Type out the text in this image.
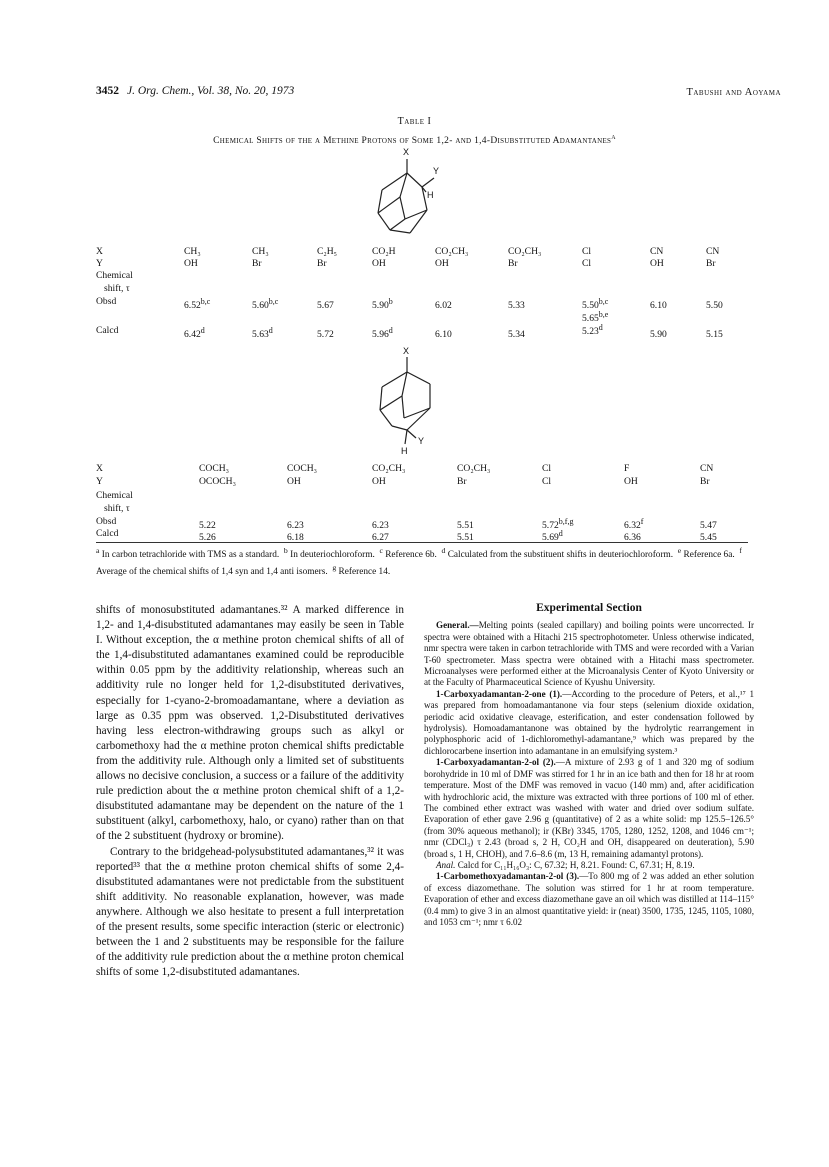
3452 J. Org. Chem., Vol. 38, No. 20, 1973	Tabushi and Aoyama
Table I
Chemical Shifts of the α Methine Protons of Some 1,2- and 1,4-Disubstituted Adamantanes$^a$
X
Y
H
X
Y
Chemical
shift, τ
Obsd
Calcd
CH₃
OH
6.52$^{b,c}$
6.42$^d$
CH₃
Br
5.60$^{b,c}$
5.63$^d$
C₂H₅
Br
5.67
5.72
CO₂H
OH
5.90$^b$
5.96$^d$
CO₂CH₃
OH
6.02
6.10
CO₂CH₃
Br
5.33
5.34
Cl
Cl
5.50$^{b,c}$
5.65$^{b,e}$
5.23$^d$
CN
OH
6.10
5.90
CN
Br
5.50
5.15
X
H
Y
X
Y
Chemical
shift, τ
Obsd
Calcd
COCH₃
OCOCH₃
5.22
5.26
COCH₃
OH
6.23
6.18
CO₂CH₃
OH
6.23
6.27
CO₂CH₃
Br
5.51
5.51
Cl
Cl
5.72$^{b,f,g}$
5.69$^d$
F
OH
6.32$^f$
6.36
CN
Br
5.47
5.45
$^a$ In carbon tetrachloride with TMS as a standard. $^b$ In deuteriochloroform. $^c$ Reference 6b. $^d$ Calculated from the substituent shifts in deuteriochloroform. $^e$ Reference 6a. $^f$ Average of the chemical shifts of 1,4 syn and 1,4 anti isomers. $^g$ Reference 14.

shifts of monosubstituted adamantanes.³² A marked difference in 1,2- and 1,4-disubstituted adamantanes may easily be seen in Table I. Without exception, the α methine proton chemical shifts of all of the 1,4-disubstituted adamantanes examined could be reproducible within 0.05 ppm by the additivity relationship, whereas such an additivity rule no longer held for 1,2-disubstituted derivatives, especially for 1-cyano-2-bromoadamantane, where a deviation as large as 0.35 ppm was observed. 1,2-Disubstituted derivatives having less electron-withdrawing groups such as alkyl or carbomethoxy had the α methine proton chemical shifts predictable from the additivity rule. Although only a limited set of substituents allows no decisive conclusion, a success or a failure of the additivity rule prediction about the α methine proton chemical shift of a 1,2-disubstituted adamantane may be dependent on the nature of the 1 substituent (alkyl, carbomethoxy, halo, or cyano) rather than on that of the 2 substituent (hydroxy or bromine).

Contrary to the bridgehead-polysubstituted adamantanes,³² it was reported³³ that the α methine proton chemical shifts of some 2,4-disubstituted adamantanes were not predictable from the substituent shift additivity. No reasonable explanation, however, was made anywhere. Although we also hesitate to present a full interpretation of the present results, some specific interaction (steric or electronic) between the 1 and 2 substituents may be responsible for the failure of the additivity rule prediction about the α methine proton chemical shifts of some 1,2-disubstituted adamantanes.

Experimental Section

General.—Melting points (sealed capillary) and boiling points were uncorrected. Ir spectra were obtained with a Hitachi 215 spectrophotometer. Unless otherwise indicated, nmr spectra were taken in carbon tetrachloride with TMS and were recorded with a Varian T-60 spectrometer. Mass spectra were obtained with a Hitachi mass spectrometer. Microanalyses were performed either at the Microanalysis Center of Kyoto University or at the Faculty of Pharmaceutical Science of Kyushu University.

1-Carboxyadamantan-2-one (1).—According to the procedure of Peters, et al.,¹⁷ 1 was prepared from homoadamantanone via four steps (selenium dioxide oxidation, periodic acid oxidative cleavage, esterification, and ester condensation followed by hydrolysis). Homoadamantanone was obtained by the hydrolytic rearrangement in polyphosphoric acid of 1-dichloromethyl-adamantane,⁹ which was prepared by the dichlorocarbene insertion into adamantane in an emulsifying system.³

1-Carboxyadamantan-2-ol (2).—A mixture of 2.93 g of 1 and 320 mg of sodium borohydride in 10 ml of DMF was stirred for 1 hr in an ice bath and then for 18 hr at room temperature. Most of the DMF was removed in vacuo (140 mm) and, after acidification with hydrochloric acid, the mixture was extracted with three portions of 100 ml of ether. The combined ether extract was washed with water and dried over sodium sulfate. Evaporation of ether gave 2.96 g (quantitative) of 2 as a white solid: mp 125.5–126.5° (from 30% aqueous methanol); ir (KBr) 3345, 1705, 1280, 1252, 1208, and 1046 cm⁻¹; nmr (CDCl₃) τ 2.43 (broad s, 2 H, CO₂H and OH, disappeared on deuteration), 5.90 (broad s, 1 H, CHOH), and 7.6–8.6 (m, 13 H, remaining adamantyl protons).

Anal. Calcd for C₁₁H₁₆O₃: C, 67.32; H, 8.21. Found: C, 67.31; H, 8.19.

1-Carbomethoxyadamantan-2-ol (3).—To 800 mg of 2 was added an ether solution of excess diazomethane. The solution was stirred for 1 hr at room temperature. Evaporation of ether and excess diazomethane gave an oil which was distilled at 114–115° (0.4 mm) to give 3 in an almost quantitative yield: ir (neat) 3500, 1735, 1245, 1105, 1080, and 1053 cm⁻¹; nmr τ 6.02
